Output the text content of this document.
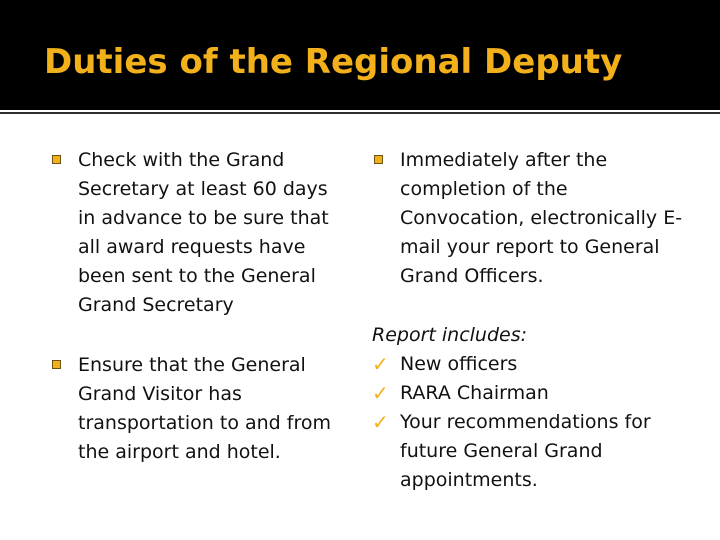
Duties of the Regional Deputy
Check with the Grand Secretary at least 60 days in advance to be sure that all award requests have been sent to the General Grand Secretary
Ensure that the General Grand Visitor has transportation to and from the airport and hotel.
Immediately after the completion of the Convocation, electronically E-mail your report to General Grand Officers.
Report includes:
✓ New officers
✓ RARA Chairman
✓ Your recommendations for future General Grand appointments.
